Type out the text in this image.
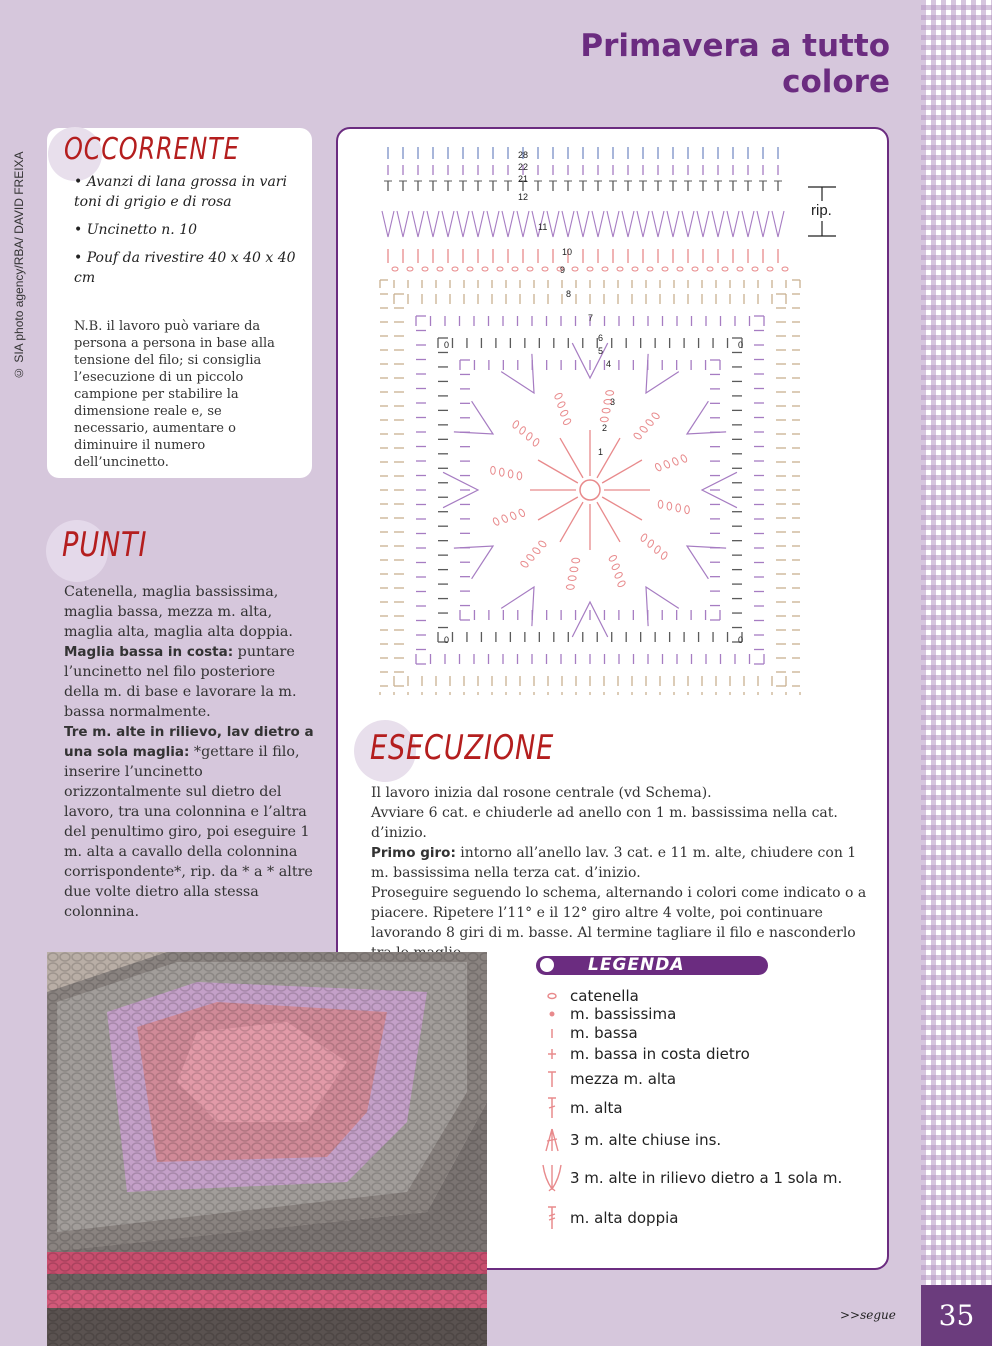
35
Primavera a tutto colore
© SIA photo agency/RBA/ DAVID FREIXA
OCCORRENTE
• Avanzi di lana grossa in vari toni di grigio e di rosa
• Uncinetto n. 10
• Pouf da rivestire 40 x 40 x 40 cm
N.B. il lavoro può variare da persona a persona in base alla tensione del filo; si consiglia l’esecuzione di un piccolo campione per stabilire la dimensione reale e, se necessario, aumentare o diminuire il numero dell’uncinetto.
PUNTI
Catenella, maglia bassissima, maglia bassa, mezza m. alta, maglia alta, maglia alta doppia.
Maglia bassa in costa: puntare l’uncinetto nel filo posteriore della m. di base e lavorare la m. bassa normalmente.
Tre m. alte in rilievo, lav dietro a una sola maglia: *gettare il filo, inserire l’uncinetto orizzontalmente sul dietro del lavoro, tra una colonnina e l’altra del penultimo giro, poi eseguire 1 m. alta a cavallo della colonnina corrispondente*, rip. da * a * altre due volte dietro alla stessa colonnina.
28
22
21
12
11
10
9
8
7
6
5
4
3
2
1
0	0
0	0
rip.
ESECUZIONE
Il lavoro inizia dal rosone centrale (vd Schema).
Avviare 6 cat. e chiuderle ad anello con 1 m. bassissima nella cat. d’inizio.
Primo giro: intorno all’anello lav. 3 cat. e 11 m. alte, chiudere con 1 m. bassissima nella terza cat. d’inizio.
Proseguire seguendo lo schema, alternando i colori come indicato o a piacere. Ripetere l’11° e il 12° giro altre 4 volte, poi continuare lavorando 8 giri di m. basse. Al termine tagliare il filo e nasconderlo
LEGENDA
catenella
m. bassissima
m. bassa
m. bassa in costa dietro
mezza m. alta
m. alta
3 m. alte chiuse ins.
3 m. alte in rilievo dietro a 1 sola m.
m. alta doppia
>>segue
